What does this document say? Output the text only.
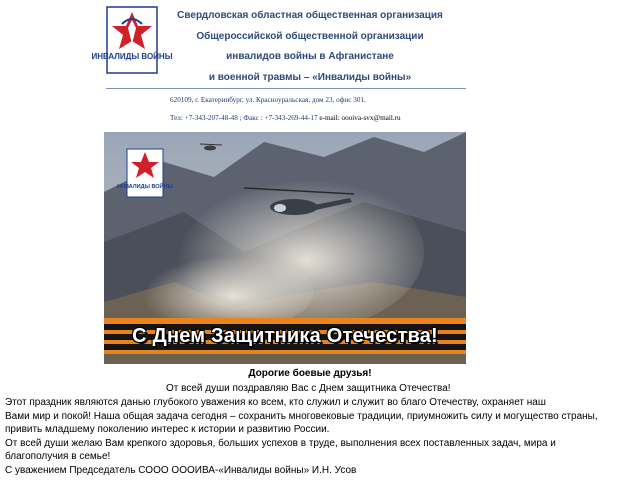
ИНВАЛИДЫ ВОЙНЫ
Свердловская областная общественная организация
Общероссийской общественной организации
инвалидов войны в Афганистане
и военной травмы – «Инвалиды войны»
620109, г. Екатеринбург, ул. Красноуральская, дом 23, офис 301.
Тел: +7-343-207-48-48 ; Факс : +7-343-269-44-17 e-mail: oooiva-svx@mail.ru
ИНВАЛИДЫ ВОЙНЫ
С Днем Защитника Отечества!
Дорогие боевые друзья!
От всей души поздравляю Вас с Днем защитника Отечества!
Этот праздник являются данью глубокого уважения ко всем, кто служил и служит во благо Отечеству, охраняет наш
Вами мир и покой! Наша общая задача сегодня – сохранить многовековые традиции, приумножить силу и могущество страны,
привить младшему поколению интерес к истории и развитию России.
От всей души желаю Вам крепкого здоровья, больших успехов в труде, выполнения всех поставленных задач, мира и
благополучия в семье!
С уважением Председатель СООО ОООИВА-«Инвалиды войны» И.Н. Усов
